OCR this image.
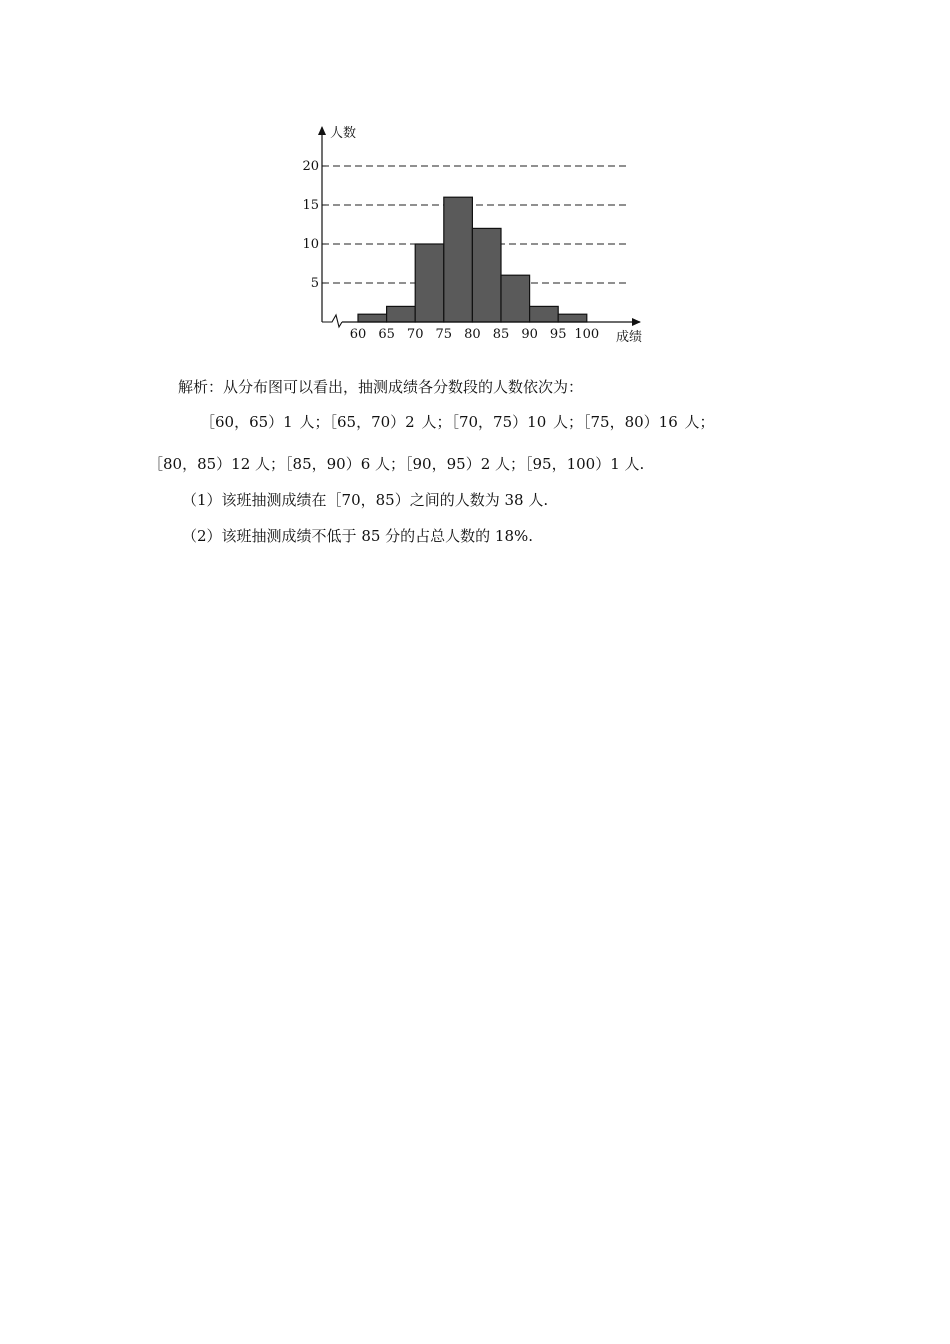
人数
成绩
5
10
15
20
60 65 70 75 80 85 90 95 100

解析：从分布图可以看出，抽测成绩各分数段的人数依次为：

［60，65）1 人；［65，70）2 人；［70，75）10 人；［75，80）16 人；

［80，85）12 人；［85，90）6 人；［90，95）2 人；［95，100）1 人.

（1）该班抽测成绩在［70，85）之间的人数为 38 人.

（2）该班抽测成绩不低于 85 分的占总人数的 18%.
